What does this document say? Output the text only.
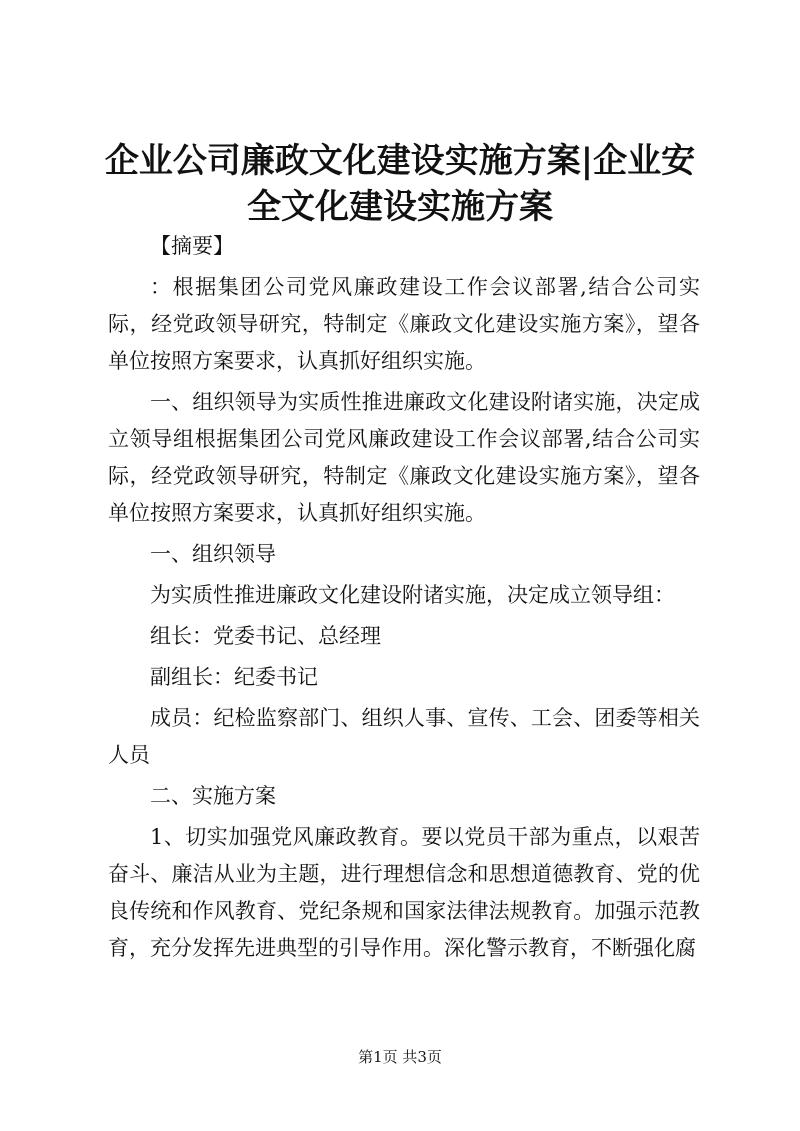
企业公司廉政文化建设实施方案|企业安全文化建设实施方案

【摘要】

：根据集团公司党风廉政建设工作会议部署,结合公司实际，经党政领导研究，特制定《廉政文化建设实施方案》，望各单位按照方案要求，认真抓好组织实施。

一、组织领导为实质性推进廉政文化建设附诸实施，决定成立领导组根据集团公司党风廉政建设工作会议部署,结合公司实际，经党政领导研究，特制定《廉政文化建设实施方案》，望各单位按照方案要求，认真抓好组织实施。

一、组织领导

为实质性推进廉政文化建设附诸实施，决定成立领导组：

组长：党委书记、总经理

副组长：纪委书记

成员：纪检监察部门、组织人事、宣传、工会、团委等相关人员

二、实施方案

1、切实加强党风廉政教育。要以党员干部为重点，以艰苦奋斗、廉洁从业为主题，进行理想信念和思想道德教育、党的优良传统和作风教育、党纪条规和国家法律法规教育。加强示范教育，充分发挥先进典型的引导作用。深化警示教育，不断强化腐

第1页 共3页
